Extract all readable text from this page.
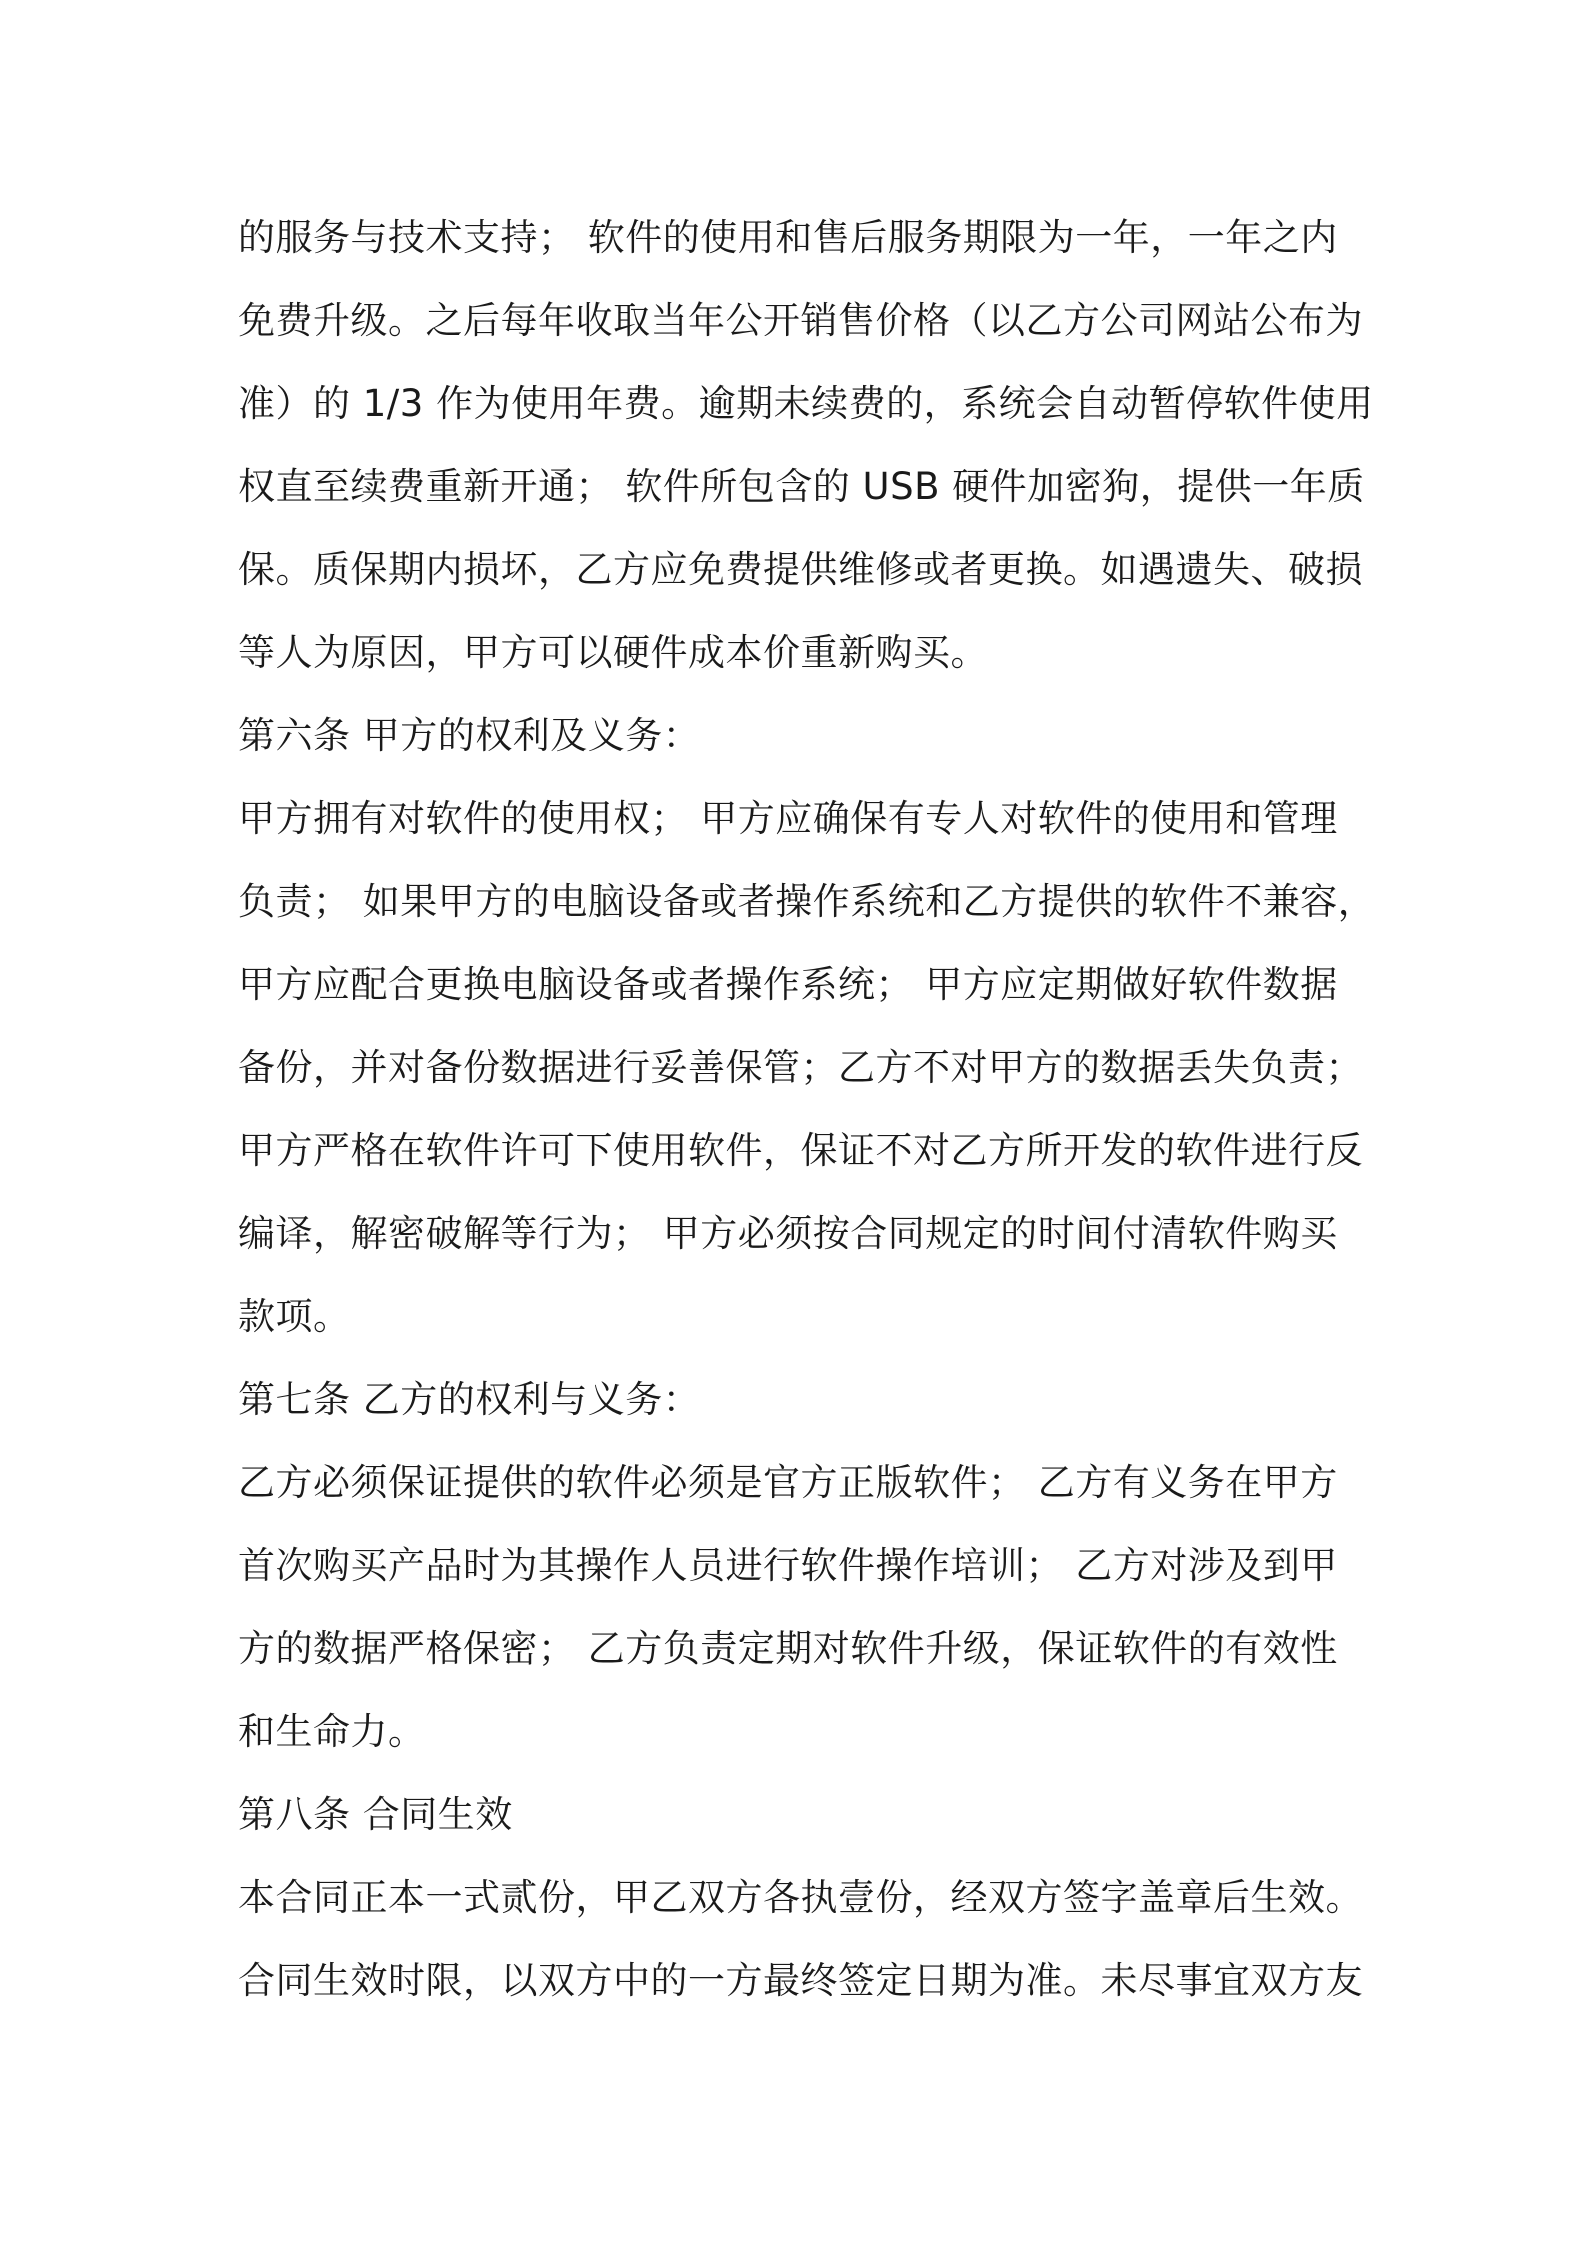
的服务与技术支持； 软件的使用和售后服务期限为一年，一年之内
免费升级。之后每年收取当年公开销售价格（以乙方公司网站公布为
准）的 1/3 作为使用年费。逾期未续费的，系统会自动暂停软件使用
权直至续费重新开通； 软件所包含的 USB 硬件加密狗，提供一年质
保。质保期内损坏，乙方应免费提供维修或者更换。如遇遗失、破损
等人为原因，甲方可以硬件成本价重新购买。
第六条 甲方的权利及义务：
甲方拥有对软件的使用权； 甲方应确保有专人对软件的使用和管理
负责； 如果甲方的电脑设备或者操作系统和乙方提供的软件不兼容，
甲方应配合更换电脑设备或者操作系统； 甲方应定期做好软件数据
备份，并对备份数据进行妥善保管；乙方不对甲方的数据丢失负责；
甲方严格在软件许可下使用软件，保证不对乙方所开发的软件进行反
编译，解密破解等行为； 甲方必须按合同规定的时间付清软件购买
款项。
第七条 乙方的权利与义务：
乙方必须保证提供的软件必须是官方正版软件； 乙方有义务在甲方
首次购买产品时为其操作人员进行软件操作培训； 乙方对涉及到甲
方的数据严格保密； 乙方负责定期对软件升级，保证软件的有效性
和生命力。
第八条 合同生效
本合同正本一式贰份，甲乙双方各执壹份，经双方签字盖章后生效。
合同生效时限，以双方中的一方最终签定日期为准。未尽事宜双方友
